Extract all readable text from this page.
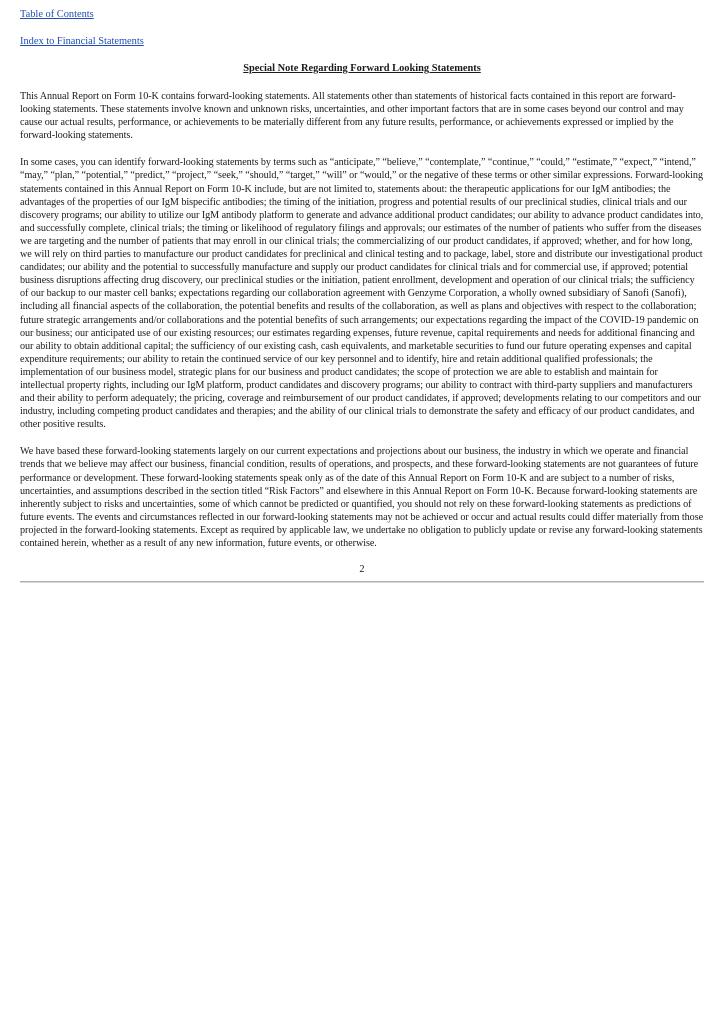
Table of Contents
Index to Financial Statements
Special Note Regarding Forward Looking Statements

This Annual Report on Form 10-K contains forward-looking statements. All statements other than statements of historical facts contained in this report are forward-looking statements. These statements involve known and unknown risks, uncertainties, and other important factors that are in some cases beyond our control and may cause our actual results, performance, or achievements to be materially different from any future results, performance, or achievements expressed or implied by the forward-looking statements.

In some cases, you can identify forward-looking statements by terms such as “anticipate,” “believe,” “contemplate,” “continue,” “could,” “estimate,” “expect,” “intend,” “may,” “plan,” “potential,” “predict,” “project,” “seek,” “should,” “target,” “will” or “would,” or the negative of these terms or other similar expressions. Forward-looking statements contained in this Annual Report on Form 10-K include, but are not limited to, statements about: the therapeutic applications for our IgM antibodies; the advantages of the properties of our IgM bispecific antibodies; the timing of the initiation, progress and potential results of our preclinical studies, clinical trials and our discovery programs; our ability to utilize our IgM antibody platform to generate and advance additional product candidates; our ability to advance product candidates into, and successfully complete, clinical trials; the timing or likelihood of regulatory filings and approvals; our estimates of the number of patients who suffer from the diseases we are targeting and the number of patients that may enroll in our clinical trials; the commercializing of our product candidates, if approved; whether, and for how long, we will rely on third parties to manufacture our product candidates for preclinical and clinical testing and to package, label, store and distribute our investigational product candidates; our ability and the potential to successfully manufacture and supply our product candidates for clinical trials and for commercial use, if approved; potential business disruptions affecting drug discovery, our preclinical studies or the initiation, patient enrollment, development and operation of our clinical trials; the sufficiency of our backup to our master cell banks; expectations regarding our collaboration agreement with Genzyme Corporation, a wholly owned subsidiary of Sanofi (Sanofi), including all financial aspects of the collaboration, the potential benefits and results of the collaboration, as well as plans and objectives with respect to the collaboration; future strategic arrangements and/or collaborations and the potential benefits of such arrangements; our expectations regarding the impact of the COVID-19 pandemic on our business; our anticipated use of our existing resources; our estimates regarding expenses, future revenue, capital requirements and needs for additional financing and our ability to obtain additional capital; the sufficiency of our existing cash, cash equivalents, and marketable securities to fund our future operating expenses and capital expenditure requirements; our ability to retain the continued service of our key personnel and to identify, hire and retain additional qualified professionals; the implementation of our business model, strategic plans for our business and product candidates; the scope of protection we are able to establish and maintain for intellectual property rights, including our IgM platform, product candidates and discovery programs; our ability to contract with third-party suppliers and manufacturers and their ability to perform adequately; the pricing, coverage and reimbursement of our product candidates, if approved; developments relating to our competitors and our industry, including competing product candidates and therapies; and the ability of our clinical trials to demonstrate the safety and efficacy of our product candidates, and other positive results.

We have based these forward-looking statements largely on our current expectations and projections about our business, the industry in which we operate and financial trends that we believe may affect our business, financial condition, results of operations, and prospects, and these forward-looking statements are not guarantees of future performance or development. These forward-looking statements speak only as of the date of this Annual Report on Form 10-K and are subject to a number of risks, uncertainties, and assumptions described in the section titled “Risk Factors” and elsewhere in this Annual Report on Form 10-K. Because forward-looking statements are inherently subject to risks and uncertainties, some of which cannot be predicted or quantified, you should not rely on these forward-looking statements as predictions of future events. The events and circumstances reflected in our forward-looking statements may not be achieved or occur and actual results could differ materially from those projected in the forward-looking statements. Except as required by applicable law, we undertake no obligation to publicly update or revise any forward-looking statements contained herein, whether as a result of any new information, future events, or otherwise.

2
